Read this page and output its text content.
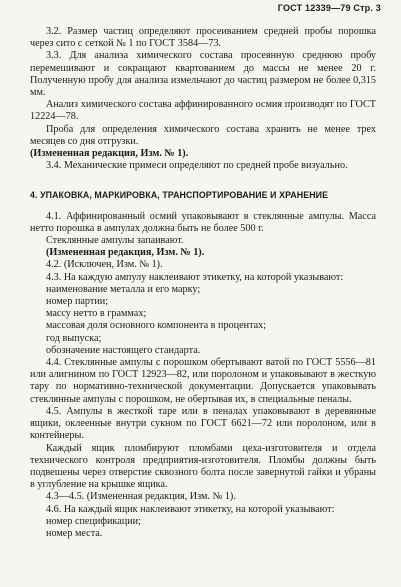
ГОСТ 12339—79 Стр. 3

3.2. Размер частиц определяют просеиванием средней пробы порошка через сито с сеткой № 1 по ГОСТ 3584—73.

3.3. Для анализа химического состава просеянную среднюю пробу перемешивают и сокращают квартованием до массы не менее 20 г. Полученную пробу для анализа измельчают до частиц размером не более 0,315 мм.

Анализ химического состава аффинированного осмия производят по ГОСТ 12224—78.

Проба для определения химического состава хранить не менее трех месяцев со дня отгрузки.

(Измененная редакция, Изм. № 1).

3.4. Механические примеси определяют по средней пробе визуально.

4. УПАКОВКА, МАРКИРОВКА, ТРАНСПОРТИРОВАНИЕ И ХРАНЕНИЕ

4.1. Аффинированный осмий упаковывают в стеклянные ампулы. Масса нетто порошка в ампулах должна быть не более 500 г.

Стеклянные ампулы запаивают.

(Измененная редакция, Изм. № 1).

4.2. (Исключен, Изм. № 1).

4.3. На каждую ампулу наклеивают этикетку, на которой указывают:

наименование металла и его марку;

номер партии;

массу нетто в граммах;

массовая доля основного компонента в процентах;

год выпуска;

обозначение настоящего стандарта.

4.4. Стеклянные ампулы с порошком обертывают ватой по ГОСТ 5556—81 или алигнином по ГОСТ 12923—82, или поролоном и упаковывают в жесткую тару по нормативно-технической документации. Допускается упаковывать стеклянные ампулы с порошком, не обертывая их, в специальные пеналы.

4.5. Ампулы в жесткой таре или в пеналах упаковывают в деревянные ящики, оклеенные внутри сукном по ГОСТ 6621—72 или поролоном, или в контейнеры.

Каждый ящик пломбируют пломбами цеха-изготовителя и отдела технического контроля предприятия-изготовителя. Пломбы должны быть подвешены через отверстие сквозного болта после завернутой гайки и убраны в углубление на крышке ящика.

4.3—4.5. (Измененная редакция, Изм. № 1).

4.6. На каждый ящик наклеивают этикетку, на которой указывают:

номер спецификации;

номер места.
